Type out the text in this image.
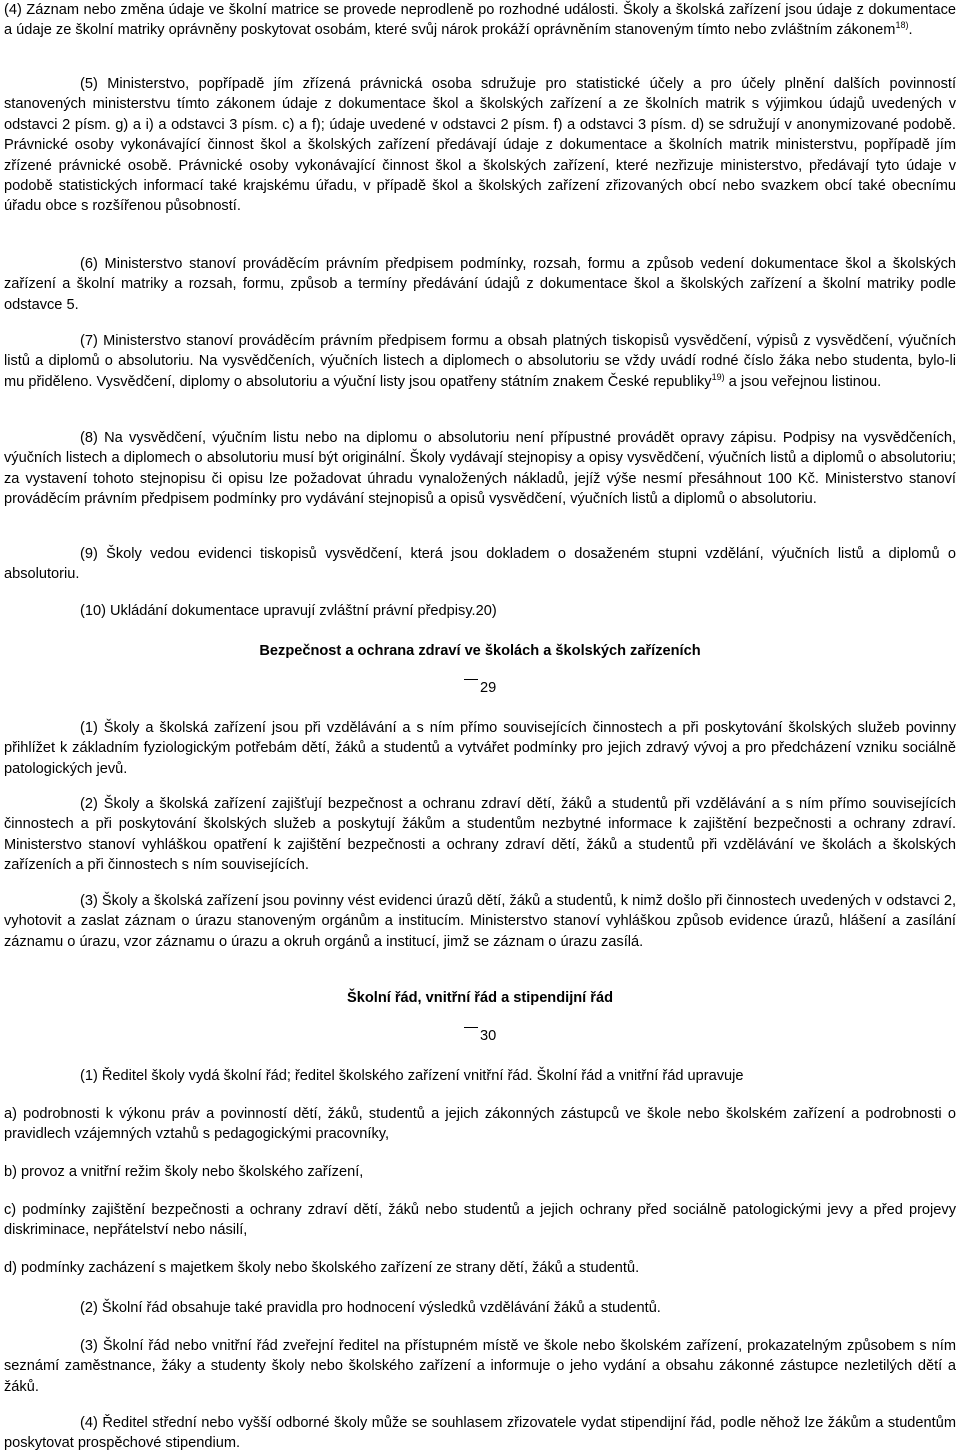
(4) Záznam nebo změna údaje ve školní matrice se provede neprodleně po rozhodné události. Školy a školská zařízení jsou údaje z dokumentace a údaje ze školní matriky oprávněny poskytovat osobám, které svůj nárok prokáží oprávněním stanoveným tímto nebo zvláštním zákonem$^{18)}$.

(5) Ministerstvo, popřípadě jím zřízená právnická osoba sdružuje pro statistické účely a pro účely plnění dalších povinností stanovených ministerstvu tímto zákonem údaje z dokumentace škol a školských zařízení a ze školních matrik s výjimkou údajů uvedených v odstavci 2 písm. g) a i) a odstavci 3 písm. c) a f); údaje uvedené v odstavci 2 písm. f) a odstavci 3 písm. d) se sdružují v anonymizované podobě. Právnické osoby vykonávající činnost škol a školských zařízení předávají údaje z dokumentace a školních matrik ministerstvu, popřípadě jím zřízené právnické osobě. Právnické osoby vykonávající činnost škol a školských zařízení, které nezřizuje ministerstvo, předávají tyto údaje v podobě statistických informací také krajskému úřadu, v případě škol a školských zařízení zřizovaných obcí nebo svazkem obcí také obecnímu úřadu obce s rozšířenou působností.

(6) Ministerstvo stanoví prováděcím právním předpisem podmínky, rozsah, formu a způsob vedení dokumentace škol a školských zařízení a školní matriky a rozsah, formu, způsob a termíny předávání údajů z dokumentace škol a školských zařízení a školní matriky podle odstavce 5.

(7) Ministerstvo stanoví prováděcím právním předpisem formu a obsah platných tiskopisů vysvědčení, výpisů z vysvědčení, výučních listů a diplomů o absolutoriu. Na vysvědčeních, výučních listech a diplomech o absolutoriu se vždy uvádí rodné číslo žáka nebo studenta, bylo-li mu přiděleno. Vysvědčení, diplomy o absolutoriu a výuční listy jsou opatřeny státním znakem České republiky$^{19)}$ a jsou veřejnou listinou.

(8) Na vysvědčení, výučním listu nebo na diplomu o absolutoriu není přípustné provádět opravy zápisu. Podpisy na vysvědčeních, výučních listech a diplomech o absolutoriu musí být originální. Školy vydávají stejnopisy a opisy vysvědčení, výučních listů a diplomů o absolutoriu; za vystavení tohoto stejnopisu či opisu lze požadovat úhradu vynaložených nákladů, jejíž výše nesmí přesáhnout 100 Kč. Ministerstvo stanoví prováděcím právním předpisem podmínky pro vydávání stejnopisů a opisů vysvědčení, výučních listů a diplomů o absolutoriu.

(9) Školy vedou evidenci tiskopisů vysvědčení, která jsou dokladem o dosaženém stupni vzdělání, výučních listů a diplomů o absolutoriu.

(10) Ukládání dokumentace upravují zvláštní právní předpisy.20)

Bezpečnost a ochrana zdraví ve školách a školských zařízeních

29

(1) Školy a školská zařízení jsou při vzdělávání a s ním přímo souvisejících činnostech a při poskytování školských služeb povinny přihlížet k základním fyziologickým potřebám dětí, žáků a studentů a vytvářet podmínky pro jejich zdravý vývoj a pro předcházení vzniku sociálně patologických jevů.

(2) Školy a školská zařízení zajišťují bezpečnost a ochranu zdraví dětí, žáků a studentů při vzdělávání a s ním přímo souvisejících činnostech a při poskytování školských služeb a poskytují žákům a studentům nezbytné informace k zajištění bezpečnosti a ochrany zdraví. Ministerstvo stanoví vyhláškou opatření k zajištění bezpečnosti a ochrany zdraví dětí, žáků a studentů při vzdělávání ve školách a školských zařízeních a při činnostech s ním souvisejících.

(3) Školy a školská zařízení jsou povinny vést evidenci úrazů dětí, žáků a studentů, k nimž došlo při činnostech uvedených v odstavci 2, vyhotovit a zaslat záznam o úrazu stanoveným orgánům a institucím. Ministerstvo stanoví vyhláškou způsob evidence úrazů, hlášení a zasílání záznamu o úrazu, vzor záznamu o úrazu a okruh orgánů a institucí, jimž se záznam o úrazu zasílá.

Školní řád, vnitřní řád a stipendijní řád

30

(1) Ředitel školy vydá školní řád; ředitel školského zařízení vnitřní řád. Školní řád a vnitřní řád upravuje

a) podrobnosti k výkonu práv a povinností dětí, žáků, studentů a jejich zákonných zástupců ve škole nebo školském zařízení a podrobnosti o pravidlech vzájemných vztahů s pedagogickými pracovníky,

b) provoz a vnitřní režim školy nebo školského zařízení,

c) podmínky zajištění bezpečnosti a ochrany zdraví dětí, žáků nebo studentů a jejich ochrany před sociálně patologickými jevy a před projevy diskriminace, nepřátelství nebo násilí,

d) podmínky zacházení s majetkem školy nebo školského zařízení ze strany dětí, žáků a studentů.

(2) Školní řád obsahuje také pravidla pro hodnocení výsledků vzdělávání žáků a studentů.

(3) Školní řád nebo vnitřní řád zveřejní ředitel na přístupném místě ve škole nebo školském zařízení, prokazatelným způsobem s ním seznámí zaměstnance, žáky a studenty školy nebo školského zařízení a informuje o jeho vydání a obsahu zákonné zástupce nezletilých dětí a žáků.

(4) Ředitel střední nebo vyšší odborné školy může se souhlasem zřizovatele vydat stipendijní řád, podle něhož lze žákům a studentům poskytovat prospěchové stipendium.
